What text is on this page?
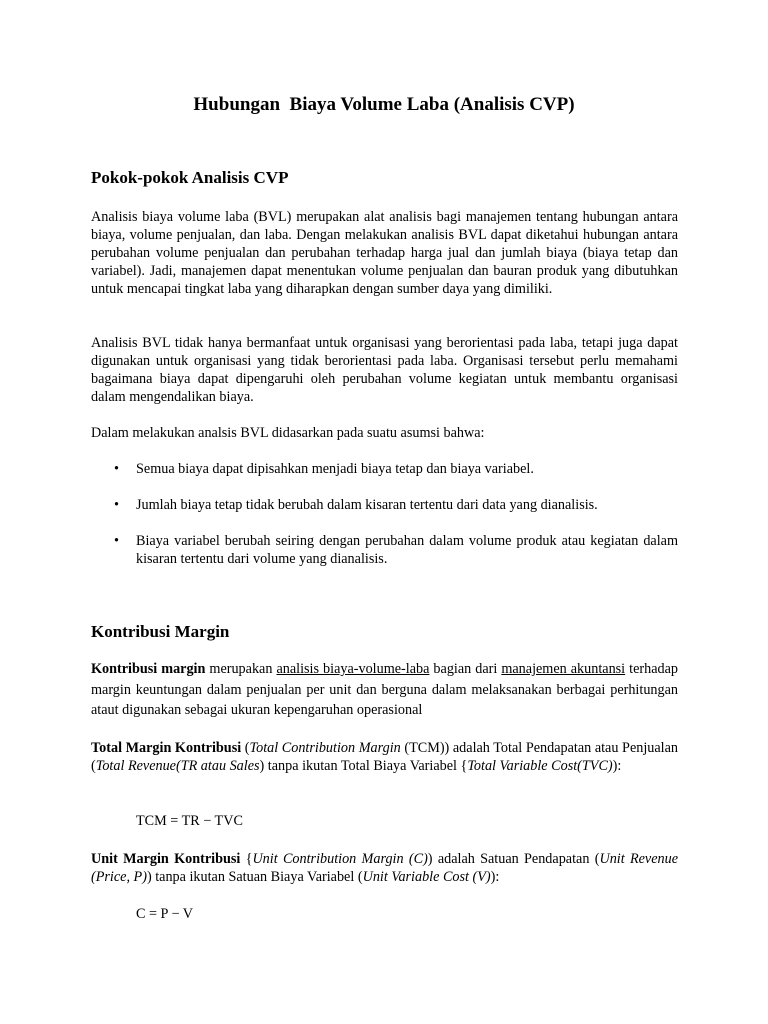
Hubungan  Biaya Volume Laba (Analisis CVP)
Pokok-pokok Analisis CVP

Analisis biaya volume laba (BVL) merupakan alat analisis bagi manajemen tentang hubungan antara biaya, volume penjualan, dan laba. Dengan melakukan analisis BVL dapat diketahui hubungan antara perubahan volume penjualan dan perubahan terhadap harga jual dan jumlah biaya (biaya tetap dan variabel). Jadi, manajemen dapat menentukan volume penjualan dan bauran produk yang dibutuhkan untuk mencapai tingkat laba yang diharapkan dengan sumber daya yang dimiliki.

Analisis BVL tidak hanya bermanfaat untuk organisasi yang berorientasi pada laba, tetapi juga dapat digunakan untuk organisasi yang tidak berorientasi pada laba. Organisasi tersebut perlu memahami bagaimana biaya dapat dipengaruhi oleh perubahan volume kegiatan untuk membantu organisasi dalam mengendalikan biaya.

Dalam melakukan analsis BVL didasarkan pada suatu asumsi bahwa:

• Semua biaya dapat dipisahkan menjadi biaya tetap dan biaya variabel.
• Jumlah biaya tetap tidak berubah dalam kisaran tertentu dari data yang dianalisis.
• Biaya variabel berubah seiring dengan perubahan dalam volume produk atau kegiatan dalam kisaran tertentu dari volume yang dianalisis.
Kontribusi Margin

Kontribusi margin merupakan analisis biaya-volume-laba bagian dari manajemen akuntansi terhadap margin keuntungan dalam penjualan per unit dan berguna dalam melaksanakan berbagai perhitungan ataut digunakan sebagai ukuran kepengaruhan operasional

Total Margin Kontribusi (Total Contribution Margin (TCM)) adalah Total Pendapatan atau Penjualan (Total Revenue(TR atau Sales) tanpa ikutan Total Biaya Variabel {Total Variable Cost(TVC)):

TCM = TR − TVC

Unit Margin Kontribusi {Unit Contribution Margin (C)) adalah Satuan Pendapatan (Unit Revenue (Price, P)) tanpa ikutan Satuan Biaya Variabel (Unit Variable Cost (V)):

C = P − V
